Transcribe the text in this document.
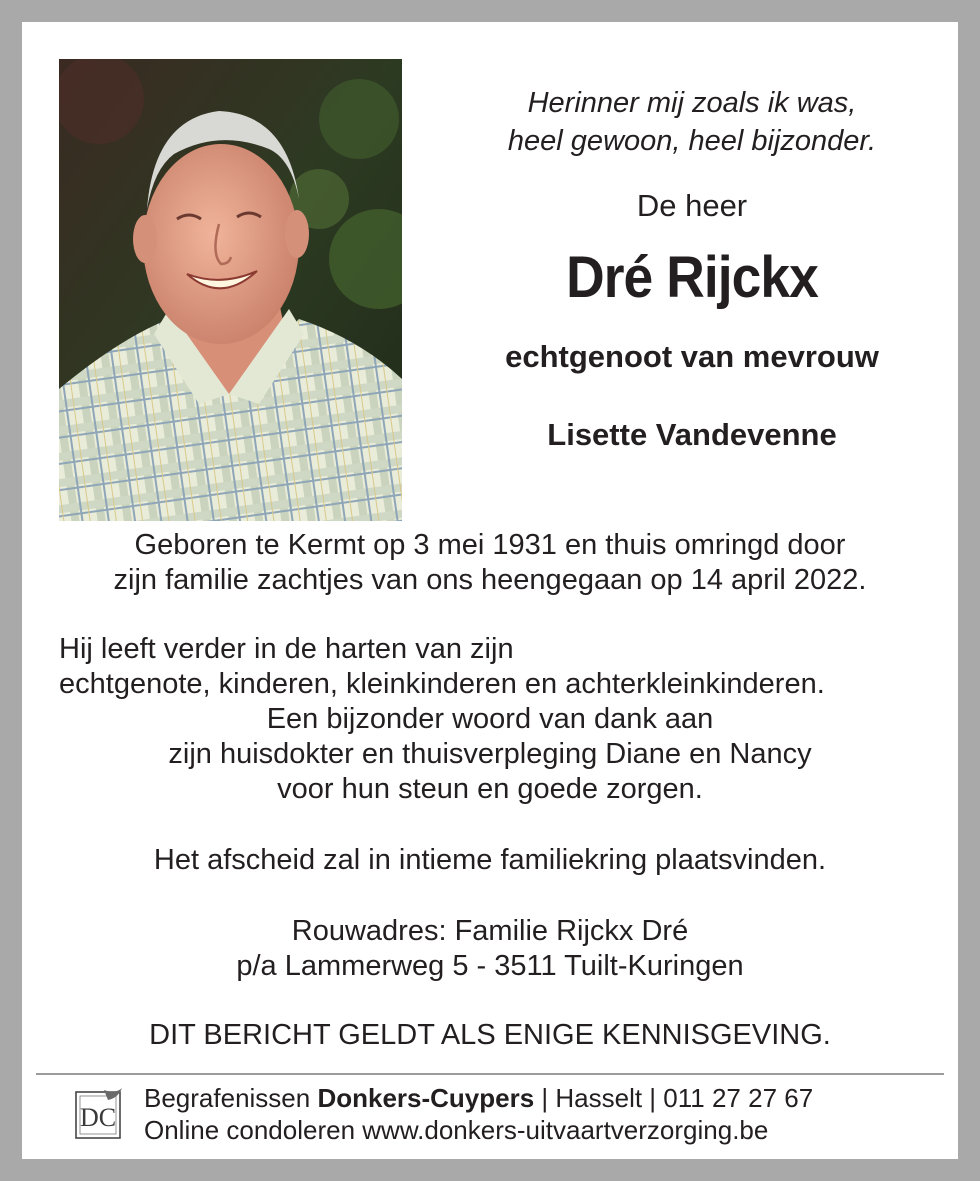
Herinner mij zoals ik was,

heel gewoon, heel bijzonder.

De heer

Dré Rijckx

echtgenoot van mevrouw

Lisette Vandevenne

Geboren te Kermt op 3 mei 1931 en thuis omringd door
zijn familie zachtjes van ons heengegaan op 14 april 2022.
Hij leeft verder in de harten van zijn
echtgenote, kinderen, kleinkinderen en achterkleinkinderen.
Een bijzonder woord van dank aan
zijn huisdokter en thuisverpleging Diane en Nancy
voor hun steun en goede zorgen.
Het afscheid zal in intieme familiekring plaatsvinden.
Rouwadres: Familie Rijckx Dré
p/a Lammerweg 5 - 3511 Tuilt-Kuringen
DIT BERICHT GELDT ALS ENIGE KENNISGEVING.
DC
Begrafenissen Donkers-Cuypers | Hasselt | 011 27 27 67
Online condoleren www.donkers-uitvaartverzorging.be
